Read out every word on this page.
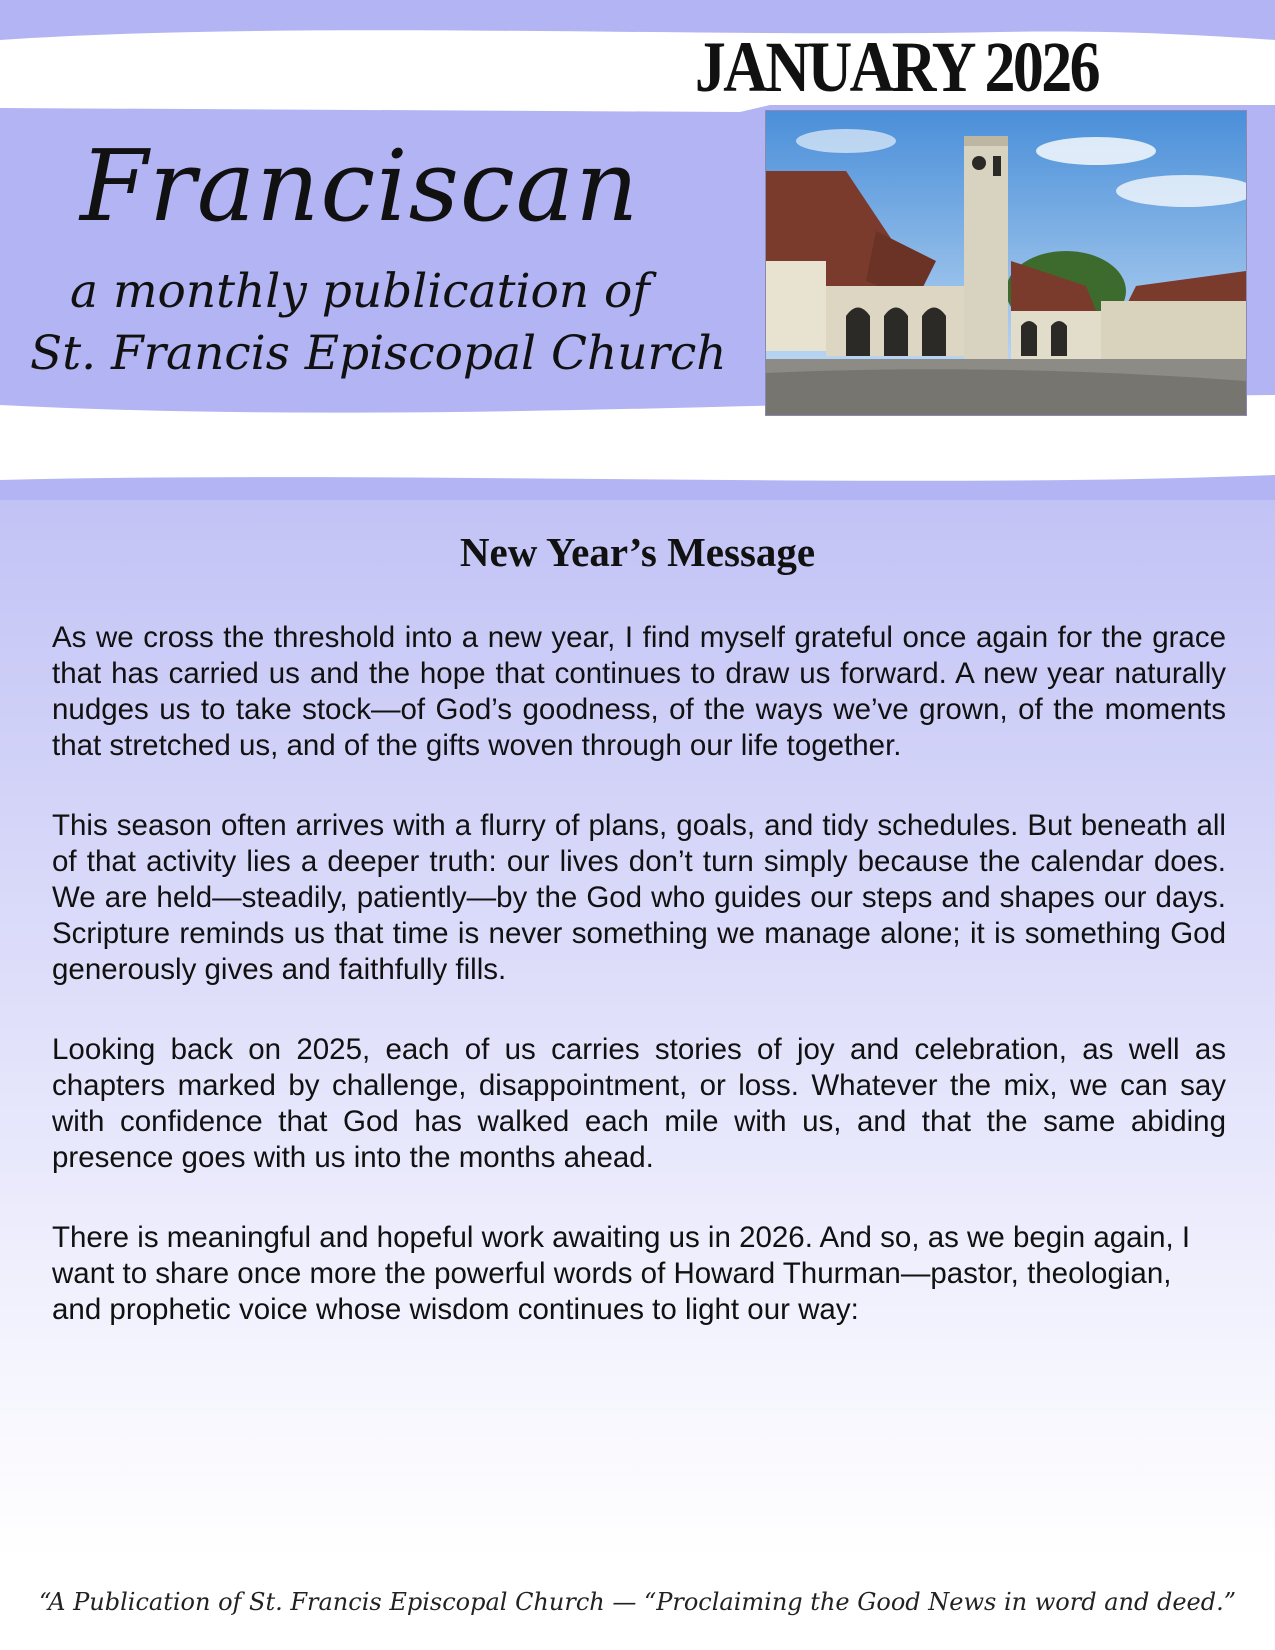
JANUARY 2026
Franciscan
a monthly publication of
St. Francis Episcopal Church
New Year’s Message

As we cross the threshold into a new year, I find myself grateful once again for the grace that has carried us and the hope that continues to draw us forward. A new year naturally nudges us to take stock—of God’s goodness, of the ways we’ve grown, of the moments that stretched us, and of the gifts woven through our life together.

This season often arrives with a flurry of plans, goals, and tidy schedules. But beneath all of that activity lies a deeper truth: our lives don’t turn simply because the calendar does. We are held—steadily, patiently—by the God who guides our steps and shapes our days. Scripture reminds us that time is never something we manage alone; it is something God generously gives and faithfully fills.

Looking back on 2025, each of us carries stories of joy and celebration, as well as chapters marked by challenge, disappointment, or loss. Whatever the mix, we can say with confidence that God has walked each mile with us, and that the same abiding presence goes with us into the months ahead.

There is meaningful and hopeful work awaiting us in 2026. And so, as we begin again, I want to share once more the powerful words of Howard Thurman—pastor, theologian, and prophetic voice whose wisdom continues to light our way:

“A Publication of St. Francis Episcopal Church — “Proclaiming the Good News in word and deed.”
